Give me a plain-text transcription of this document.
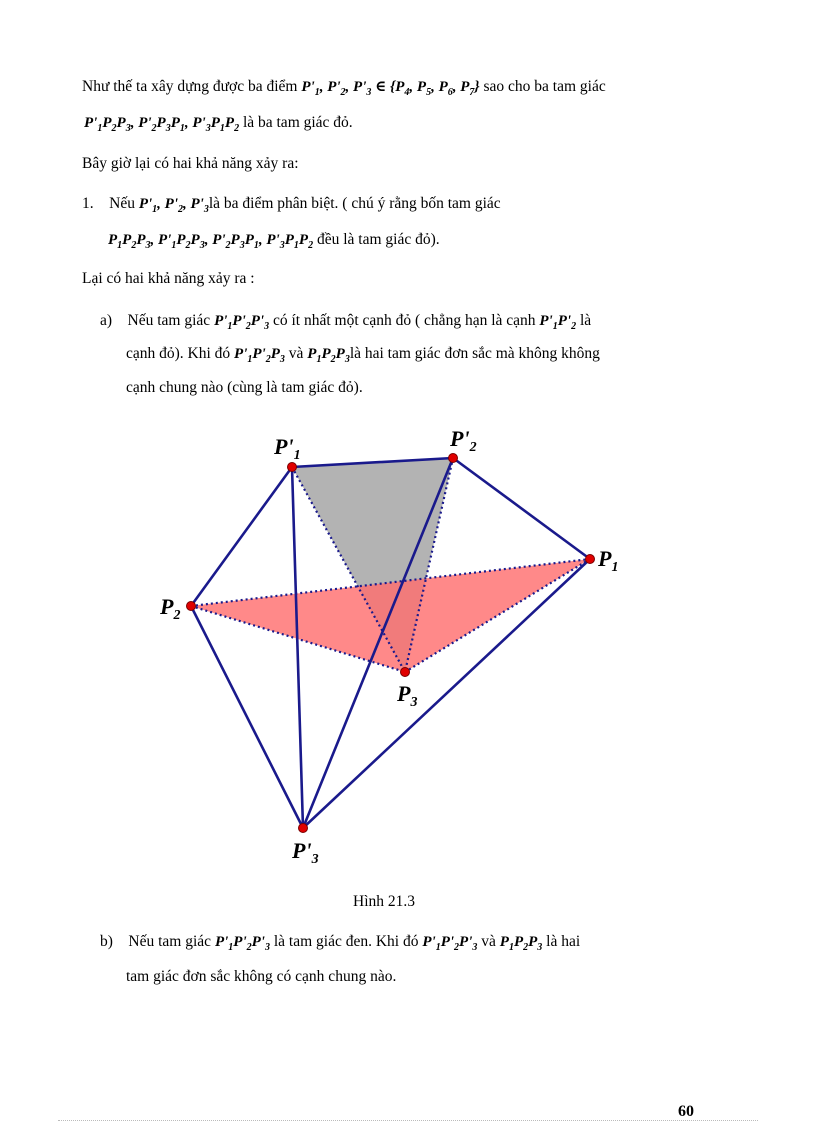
Như thế ta xây dựng được ba điểm $P'_1$, $P'_2$, $P'_3$ ∈ {$P_4$, $P_5$, $P_6$, $P_7$} sao cho ba tam giác
$P'_1P_2P_3$, $P'_2P_3P_1$, $P'_3P_1P_2$ là ba tam giác đỏ.
Bây giờ lại có hai khả năng xảy ra:
1. Nếu $P'_1$, $P'_2$, $P'_3là$ ba điểm phân biệt. ( chú ý rằng bốn tam giác
$P_1P_2P_3$, $P'_1P_2P_3$, $P'_2P_3P_1$, $P'_3P_1P_2$ đều là tam giác đỏ).
Lại có hai khả năng xảy ra :
a) Nếu tam giác $P'_1P'_2P'_3$ có ít nhất một cạnh đỏ ( chẳng hạn là cạnh $P'_1P'_2$ là
cạnh đỏ). Khi đó $P'_1P'_2P_3$ và $P_1P_2P_3là$ hai tam giác đơn sắc mà không không
cạnh chung nào (cùng là tam giác đỏ).
$P'_1$
$P'_2$
$P_1$
$P_2$
$P_3$
$P'_3$
Hình 21.3
b) Nếu tam giác $P'_1P'_2P'_3$ là tam giác đen. Khi đó $P'_1P'_2P'_3$ và $P_1P_2P_3$ là hai
tam giác đơn sắc không có cạnh chung nào.
60
